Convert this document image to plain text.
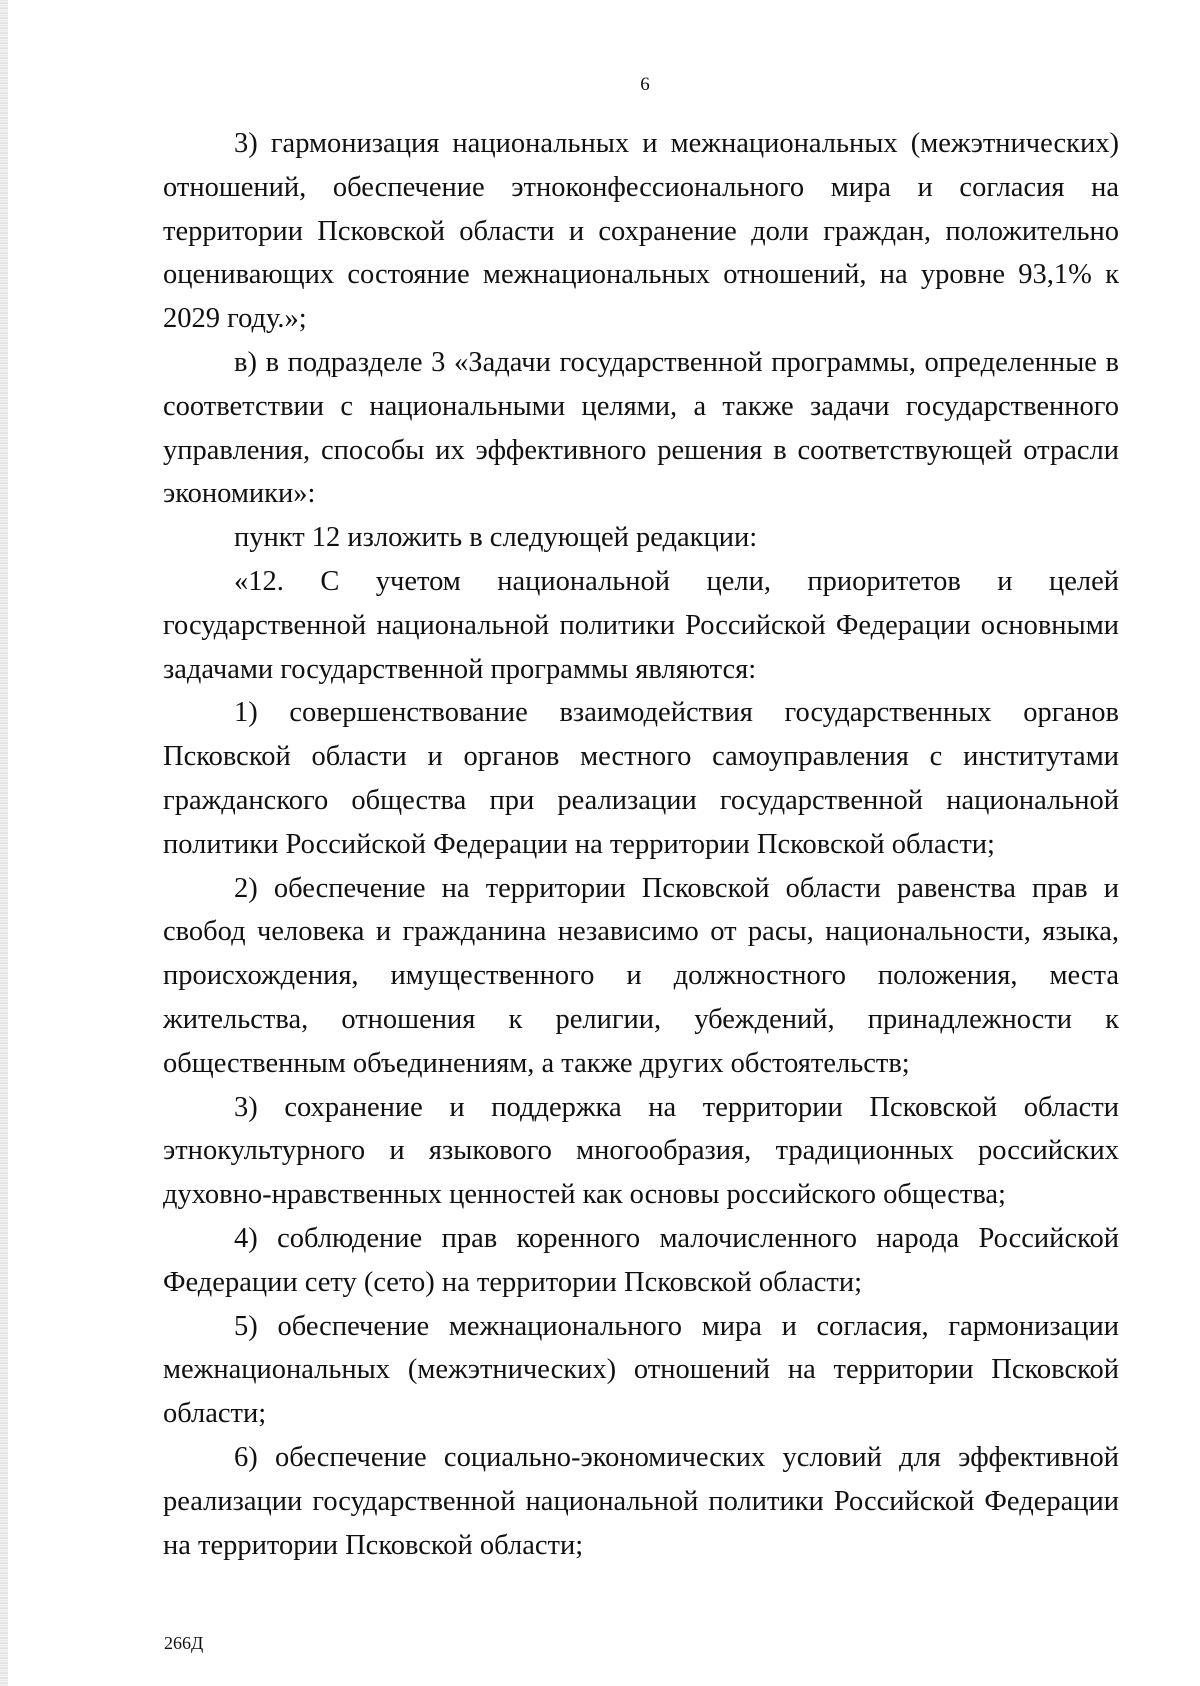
6

3) гармонизация национальных и межнациональных (межэтнических) отношений, обеспечение этноконфессионального мира и согласия на территории Псковской области и сохранение доли граждан, положительно оценивающих состояние межнациональных отношений, на уровне 93,1% к 2029 году.»;

в) в подразделе 3 «Задачи государственной программы, определенные в соответствии с национальными целями, а также задачи государственного управления, способы их эффективного решения в соответствующей отрасли экономики»:

пункт 12 изложить в следующей редакции:

«12. С учетом национальной цели, приоритетов и целей государственной национальной политики Российской Федерации основными задачами государственной программы являются:

1) совершенствование взаимодействия государственных органов Псковской области и органов местного самоуправления с институтами гражданского общества при реализации государственной национальной политики Российской Федерации на территории Псковской области;

2) обеспечение на территории Псковской области равенства прав и свобод человека и гражданина независимо от расы, национальности, языка, происхождения, имущественного и должностного положения, места жительства, отношения к религии, убеждений, принадлежности к общественным объединениям, а также других обстоятельств;

3) сохранение и поддержка на территории Псковской области этнокультурного и языкового многообразия, традиционных российских духовно-нравственных ценностей как основы российского общества;

4) соблюдение прав коренного малочисленного народа Российской Федерации сету (сето) на территории Псковской области;

5) обеспечение межнационального мира и согласия, гармонизации межнациональных (межэтнических) отношений на территории Псковской области;

6) обеспечение социально-экономических условий для эффективной реализации государственной национальной политики Российской Федерации на территории Псковской области;

266Д
